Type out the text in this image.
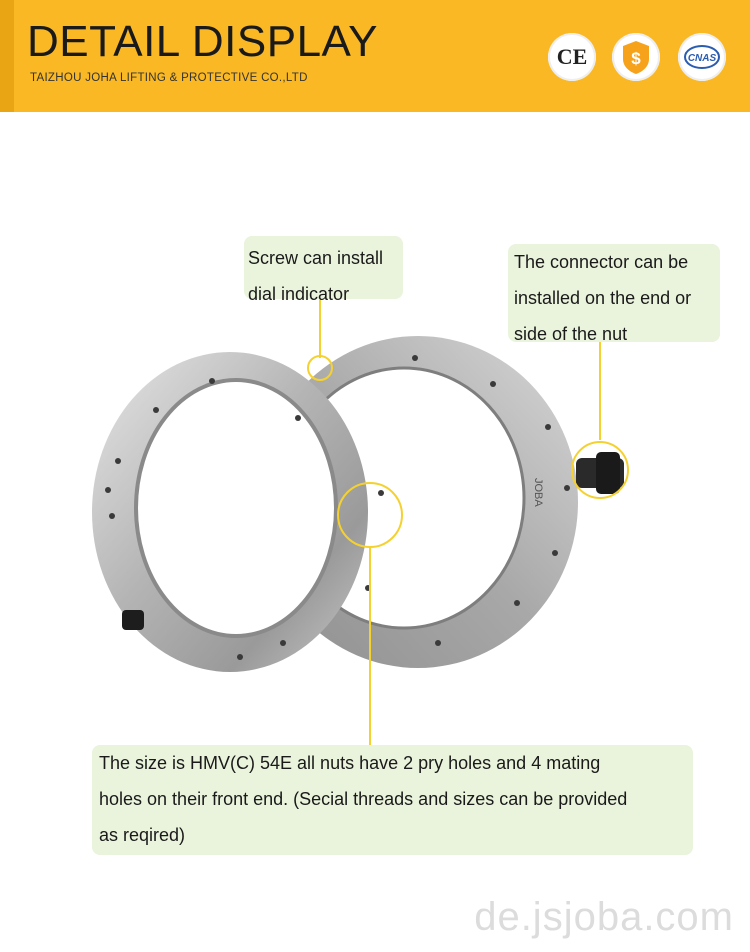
DETAIL DISPLAY
TAIZHOU JOHA LIFTING & PROTECTIVE CO.,LTD
CE	$	CNAS
JOBA
Screw can install
dial indicator
The connector can be
installed on the end or
side of the nut
The size is HMV(C) 54E all nuts have 2 pry holes and 4 mating
holes on their front end. (Secial threads and sizes can be provided
as reqired)
de.jsjoba.com
